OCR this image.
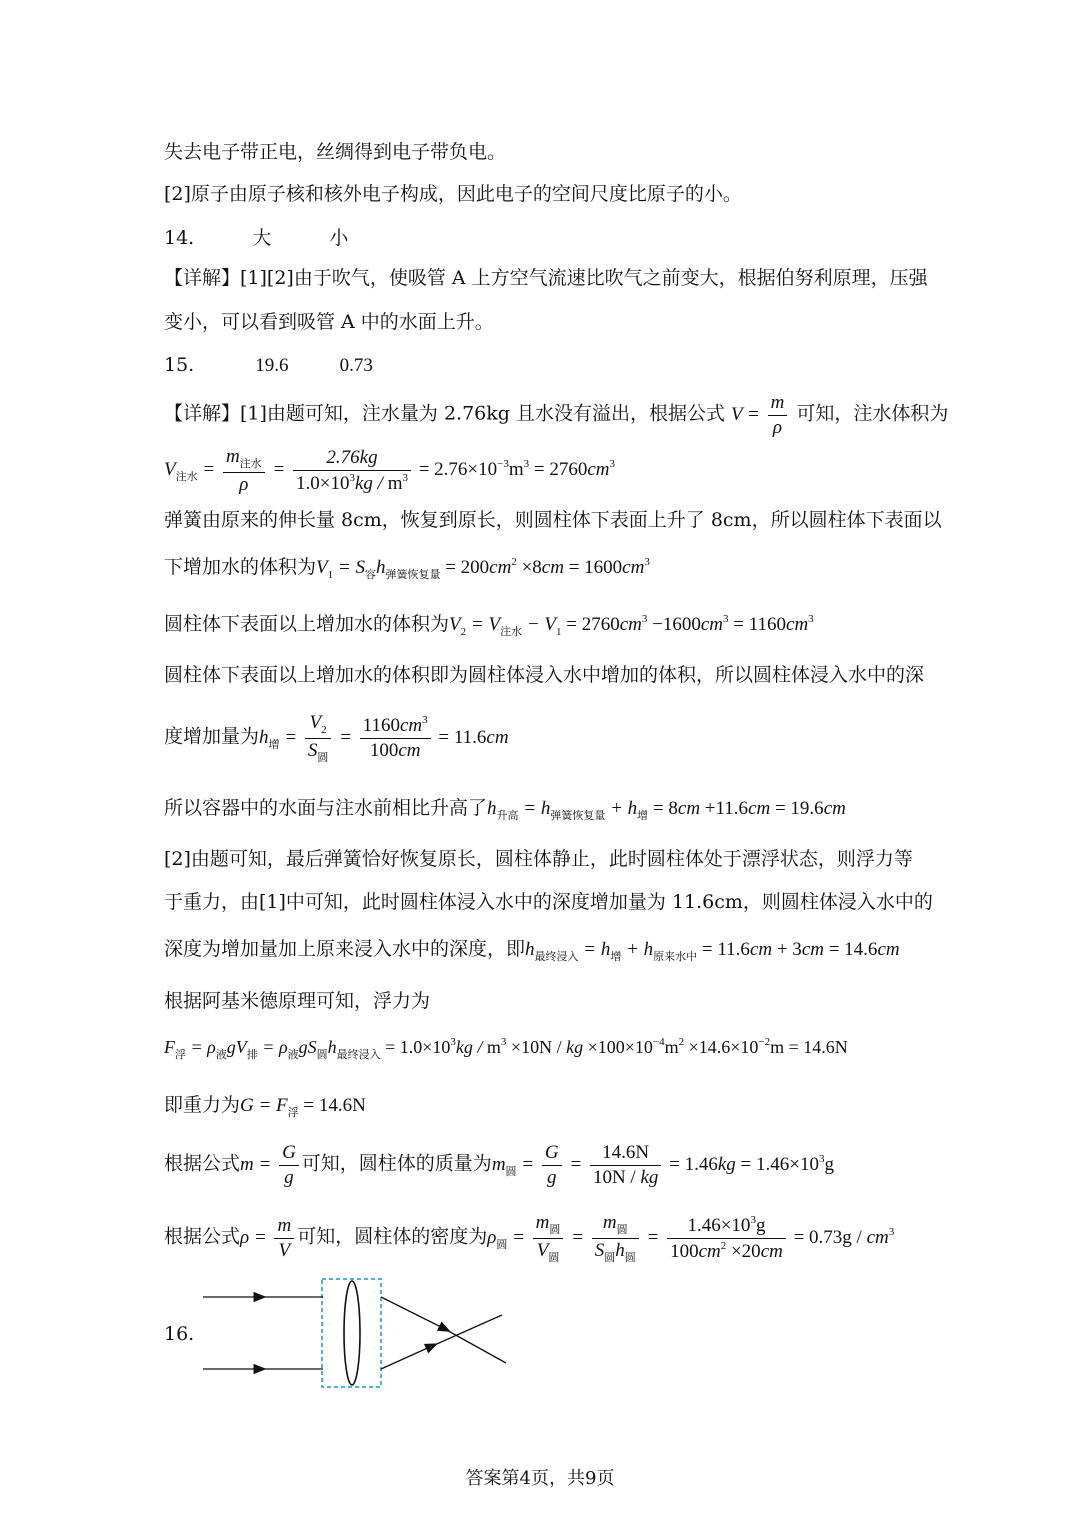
失去电子带正电，丝绸得到电子带负电。
[2]原子由原子核和核外电子构成，因此电子的空间尺度比原子的小。
14.	大	小
【详解】[1][2]由于吹气，使吸管 A 上方空气流速比吹气之前变大，根据伯努利原理，压强
变小，可以看到吸管 A 中的水面上升。
15.	19.6	0.73
【详解】[1]由题可知，注水量为 2.76kg 且水没有溢出，根据公式 $V = \frac{m}{\rho}$ 可知，注水体积为
$V_{注水} = \frac{m_{注水}}{\rho} = \frac{2.76kg}{1.0\times 10^3kg / m^3} = 2.76\times 10^{-3}m^3 = 2760cm^3$
弹簧由原来的伸长量 8cm，恢复到原长，则圆柱体下表面上升了 8cm，所以圆柱体下表面以
下增加水的体积为$V_1 = S_容h_{弹簧恢复量} = 200cm^2 \times 8cm = 1600cm^3$
圆柱体下表面以上增加水的体积为$V_2 = V_{注水} - V_1 = 2760cm^3 -1600cm^3 = 1160cm^3$
圆柱体下表面以上增加水的体积即为圆柱体浸入水中增加的体积，所以圆柱体浸入水中的深
度增加量为$h_增 = \frac{V_2}{S_圆} = \frac{1160cm^3}{100cm} = 11.6cm$
所以容器中的水面与注水前相比升高了$h_{升高} = h_{弹簧恢复量} + h_增 = 8cm +11.6cm = 19.6cm$
[2]由题可知，最后弹簧恰好恢复原长，圆柱体静止，此时圆柱体处于漂浮状态，则浮力等
于重力，由[1]中可知，此时圆柱体浸入水中的深度增加量为 11.6cm，则圆柱体浸入水中的
深度为增加量加上原来浸入水中的深度，即$h_{最终浸入} = h_增 + h_{原来水中} = 11.6cm + 3cm = 14.6cm$
根据阿基米德原理可知，浮力为
$F_浮 = \rho_液gV_排 = \rho_液gS_圆h_{最终浸入} = 1.0\times 10^3kg / m^3 \times 10N$ / kg $\times 100\times 10^{-4}m^2 \times 14.6\times 10^{-2}m = 14.6N$
即重力为$G = F_浮 = 14.6N$
根据公式$m = \frac{G}{g}$ 可知，圆柱体的质量为$m_圆 = \frac{G}{g} = \frac{14.6N}{10N / kg} = 1.46kg = 1.46\times 10^3g$
根据公式$\rho = \frac{m}{V}$ 可知，圆柱体的密度为$\rho_圆 = \frac{m_圆}{V_圆} = \frac{m_圆}{S_圆h_圆} = \frac{1.46\times 10^3g}{100cm^2 \times 20cm} = 0.73g / cm^3$
16.
答案第4页，共9页
